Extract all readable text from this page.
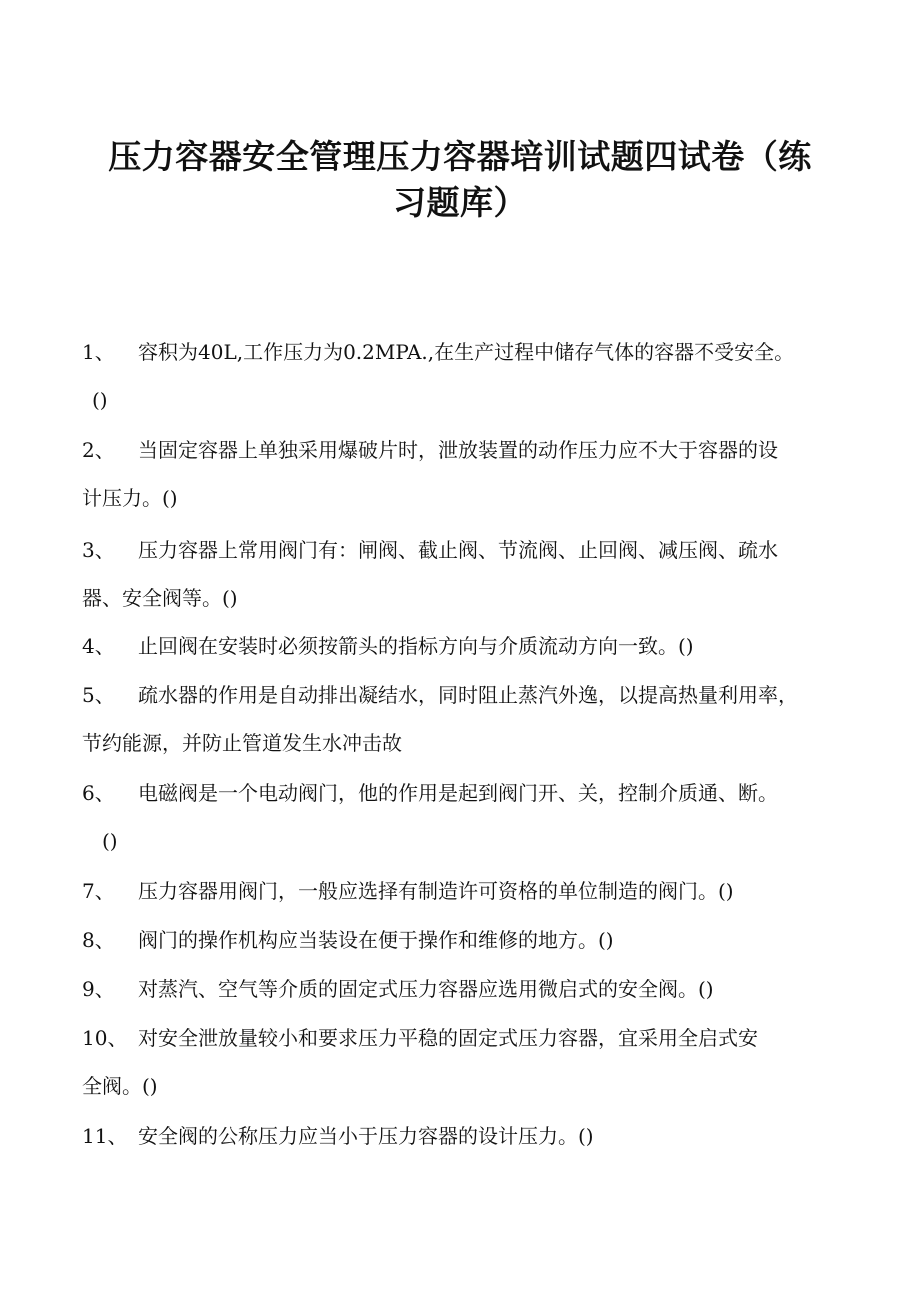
压力容器安全管理压力容器培训试题四试卷（练
习题库）
1、 容积为40L,工作压力为0.2MPA.,在生产过程中储存气体的容器不受安全。
()
2、 当固定容器上单独采用爆破片时，泄放装置的动作压力应不大于容器的设
计压力。()
3、 压力容器上常用阀门有：闸阀、截止阀、节流阀、止回阀、减压阀、疏水
器、安全阀等。()
4、 止回阀在安装时必须按箭头的指标方向与介质流动方向一致。()
5、 疏水器的作用是自动排出凝结水，同时阻止蒸汽外逸，以提高热量利用率，
节约能源，并防止管道发生水冲击故
6、 电磁阀是一个电动阀门，他的作用是起到阀门开、关，控制介质通、断。
()
7、 压力容器用阀门，一般应选择有制造许可资格的单位制造的阀门。()
8、 阀门的操作机构应当装设在便于操作和维修的地方。()
9、 对蒸汽、空气等介质的固定式压力容器应选用微启式的安全阀。()
10、 对安全泄放量较小和要求压力平稳的固定式压力容器，宜采用全启式安
全阀。()
11、 安全阀的公称压力应当小于压力容器的设计压力。()
